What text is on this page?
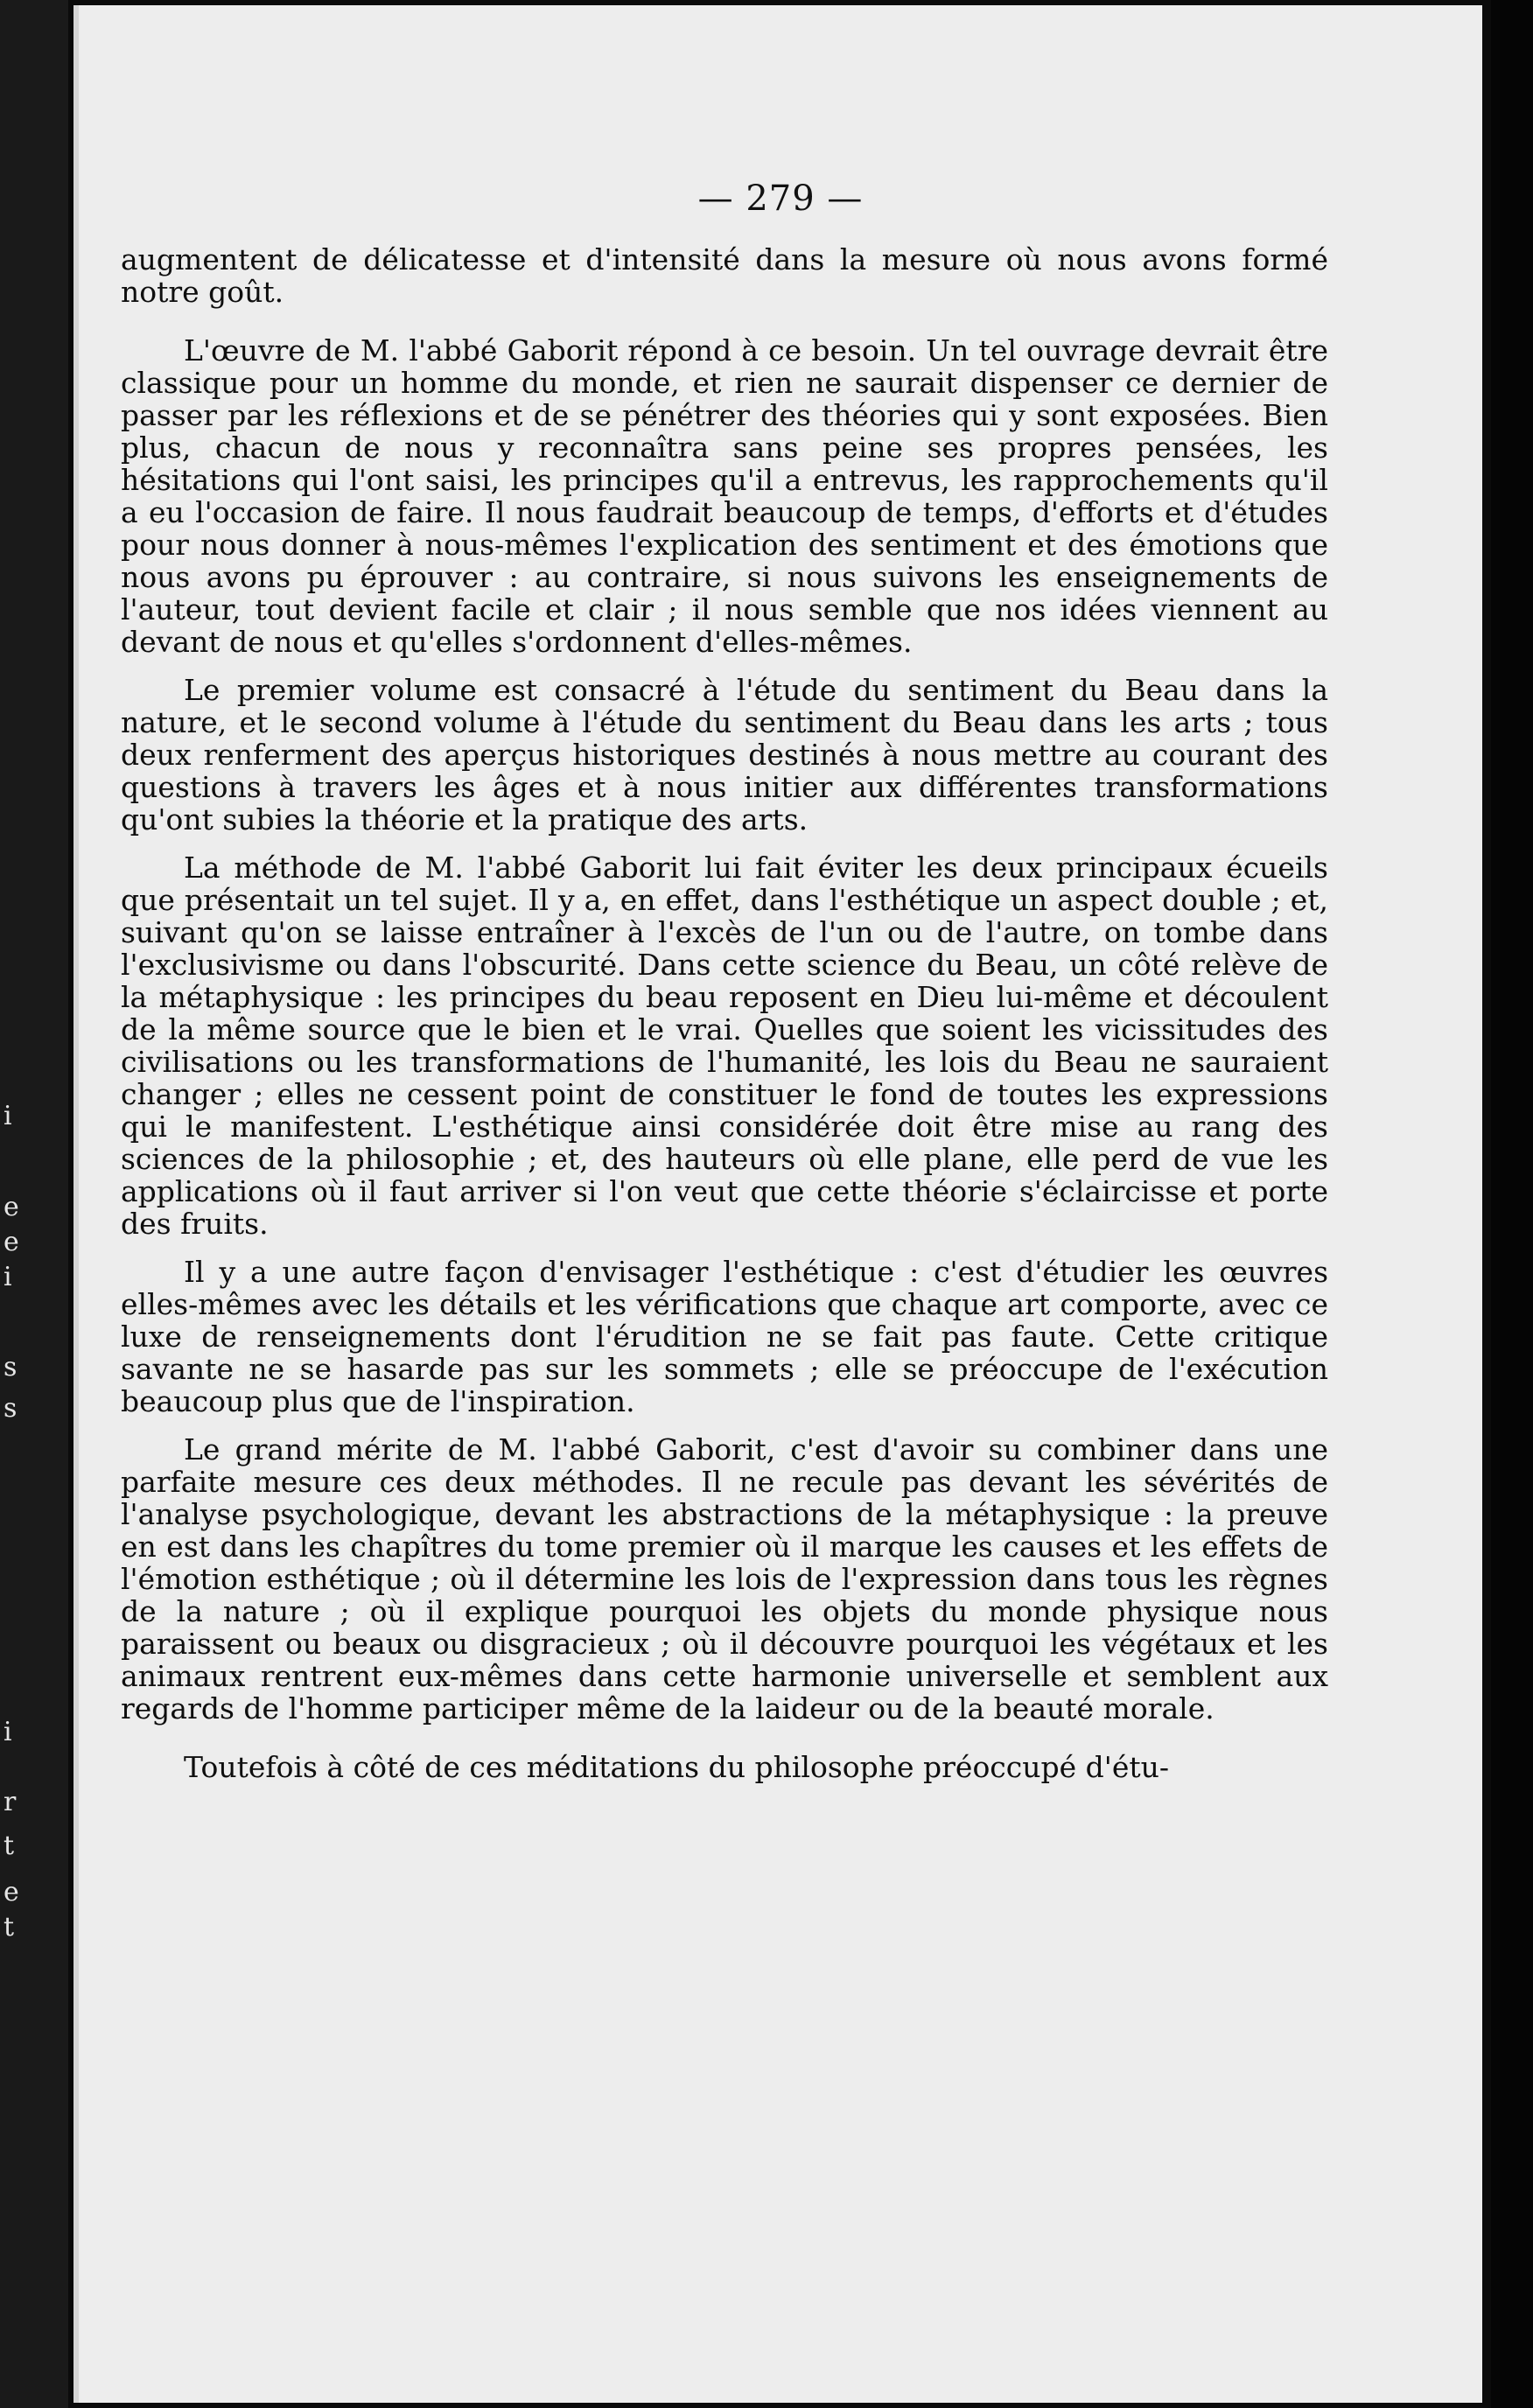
i
e
e
i
s
s
i
r
t
e
t
— 279 —

augmentent de délicatesse et d'intensité dans la mesure où nous avons formé notre goût.

L'œuvre de M. l'abbé Gaborit répond à ce besoin. Un tel ouvrage devrait être classique pour un homme du monde, et rien ne saurait dispenser ce dernier de passer par les réflexions et de se pénétrer des théories qui y sont exposées. Bien plus, chacun de nous y reconnaîtra sans peine ses propres pensées, les hésitations qui l'ont saisi, les principes qu'il a entrevus, les rapprochements qu'il a eu l'occasion de faire. Il nous faudrait beaucoup de temps, d'efforts et d'études pour nous donner à nous-mêmes l'explication des sentiment et des émotions que nous avons pu éprouver : au contraire, si nous suivons les enseignements de l'auteur, tout devient facile et clair ; il nous semble que nos idées viennent au devant de nous et qu'elles s'ordonnent d'elles-mêmes.

Le premier volume est consacré à l'étude du sentiment du Beau dans la nature, et le second volume à l'étude du sentiment du Beau dans les arts ; tous deux renferment des aperçus historiques destinés à nous mettre au courant des questions à travers les âges et à nous initier aux différentes transformations qu'ont subies la théorie et la pratique des arts.

La méthode de M. l'abbé Gaborit lui fait éviter les deux principaux écueils que présentait un tel sujet. Il y a, en effet, dans l'esthétique un aspect double ; et, suivant qu'on se laisse entraîner à l'excès de l'un ou de l'autre, on tombe dans l'exclusivisme ou dans l'obscurité. Dans cette science du Beau, un côté relève de la métaphysique : les principes du beau reposent en Dieu lui-même et découlent de la même source que le bien et le vrai. Quelles que soient les vicissitudes des civilisations ou les transformations de l'humanité, les lois du Beau ne sauraient changer ; elles ne cessent point de constituer le fond de toutes les expressions qui le manifestent. L'esthétique ainsi considérée doit être mise au rang des sciences de la philosophie ; et, des hauteurs où elle plane, elle perd de vue les applications où il faut arriver si l'on veut que cette théorie s'éclaircisse et porte des fruits.

Il y a une autre façon d'envisager l'esthétique : c'est d'étudier les œuvres elles-mêmes avec les détails et les vérifications que chaque art comporte, avec ce luxe de renseignements dont l'érudition ne se fait pas faute. Cette critique savante ne se hasarde pas sur les sommets ; elle se préoccupe de l'exécution beaucoup plus que de l'inspiration.

Le grand mérite de M. l'abbé Gaborit, c'est d'avoir su combiner dans une parfaite mesure ces deux méthodes. Il ne recule pas devant les sévérités de l'analyse psychologique, devant les abstractions de la métaphysique : la preuve en est dans les chapîtres du tome premier où il marque les causes et les effets de l'émotion esthétique ; où il détermine les lois de l'expression dans tous les règnes de la nature ; où il explique pourquoi les objets du monde physique nous paraissent ou beaux ou disgracieux ; où il découvre pourquoi les végétaux et les animaux rentrent eux-mêmes dans cette harmonie universelle et semblent aux regards de l'homme participer même de la laideur ou de la beauté morale.

Toutefois à côté de ces méditations du philosophe préoccupé d'étu-
